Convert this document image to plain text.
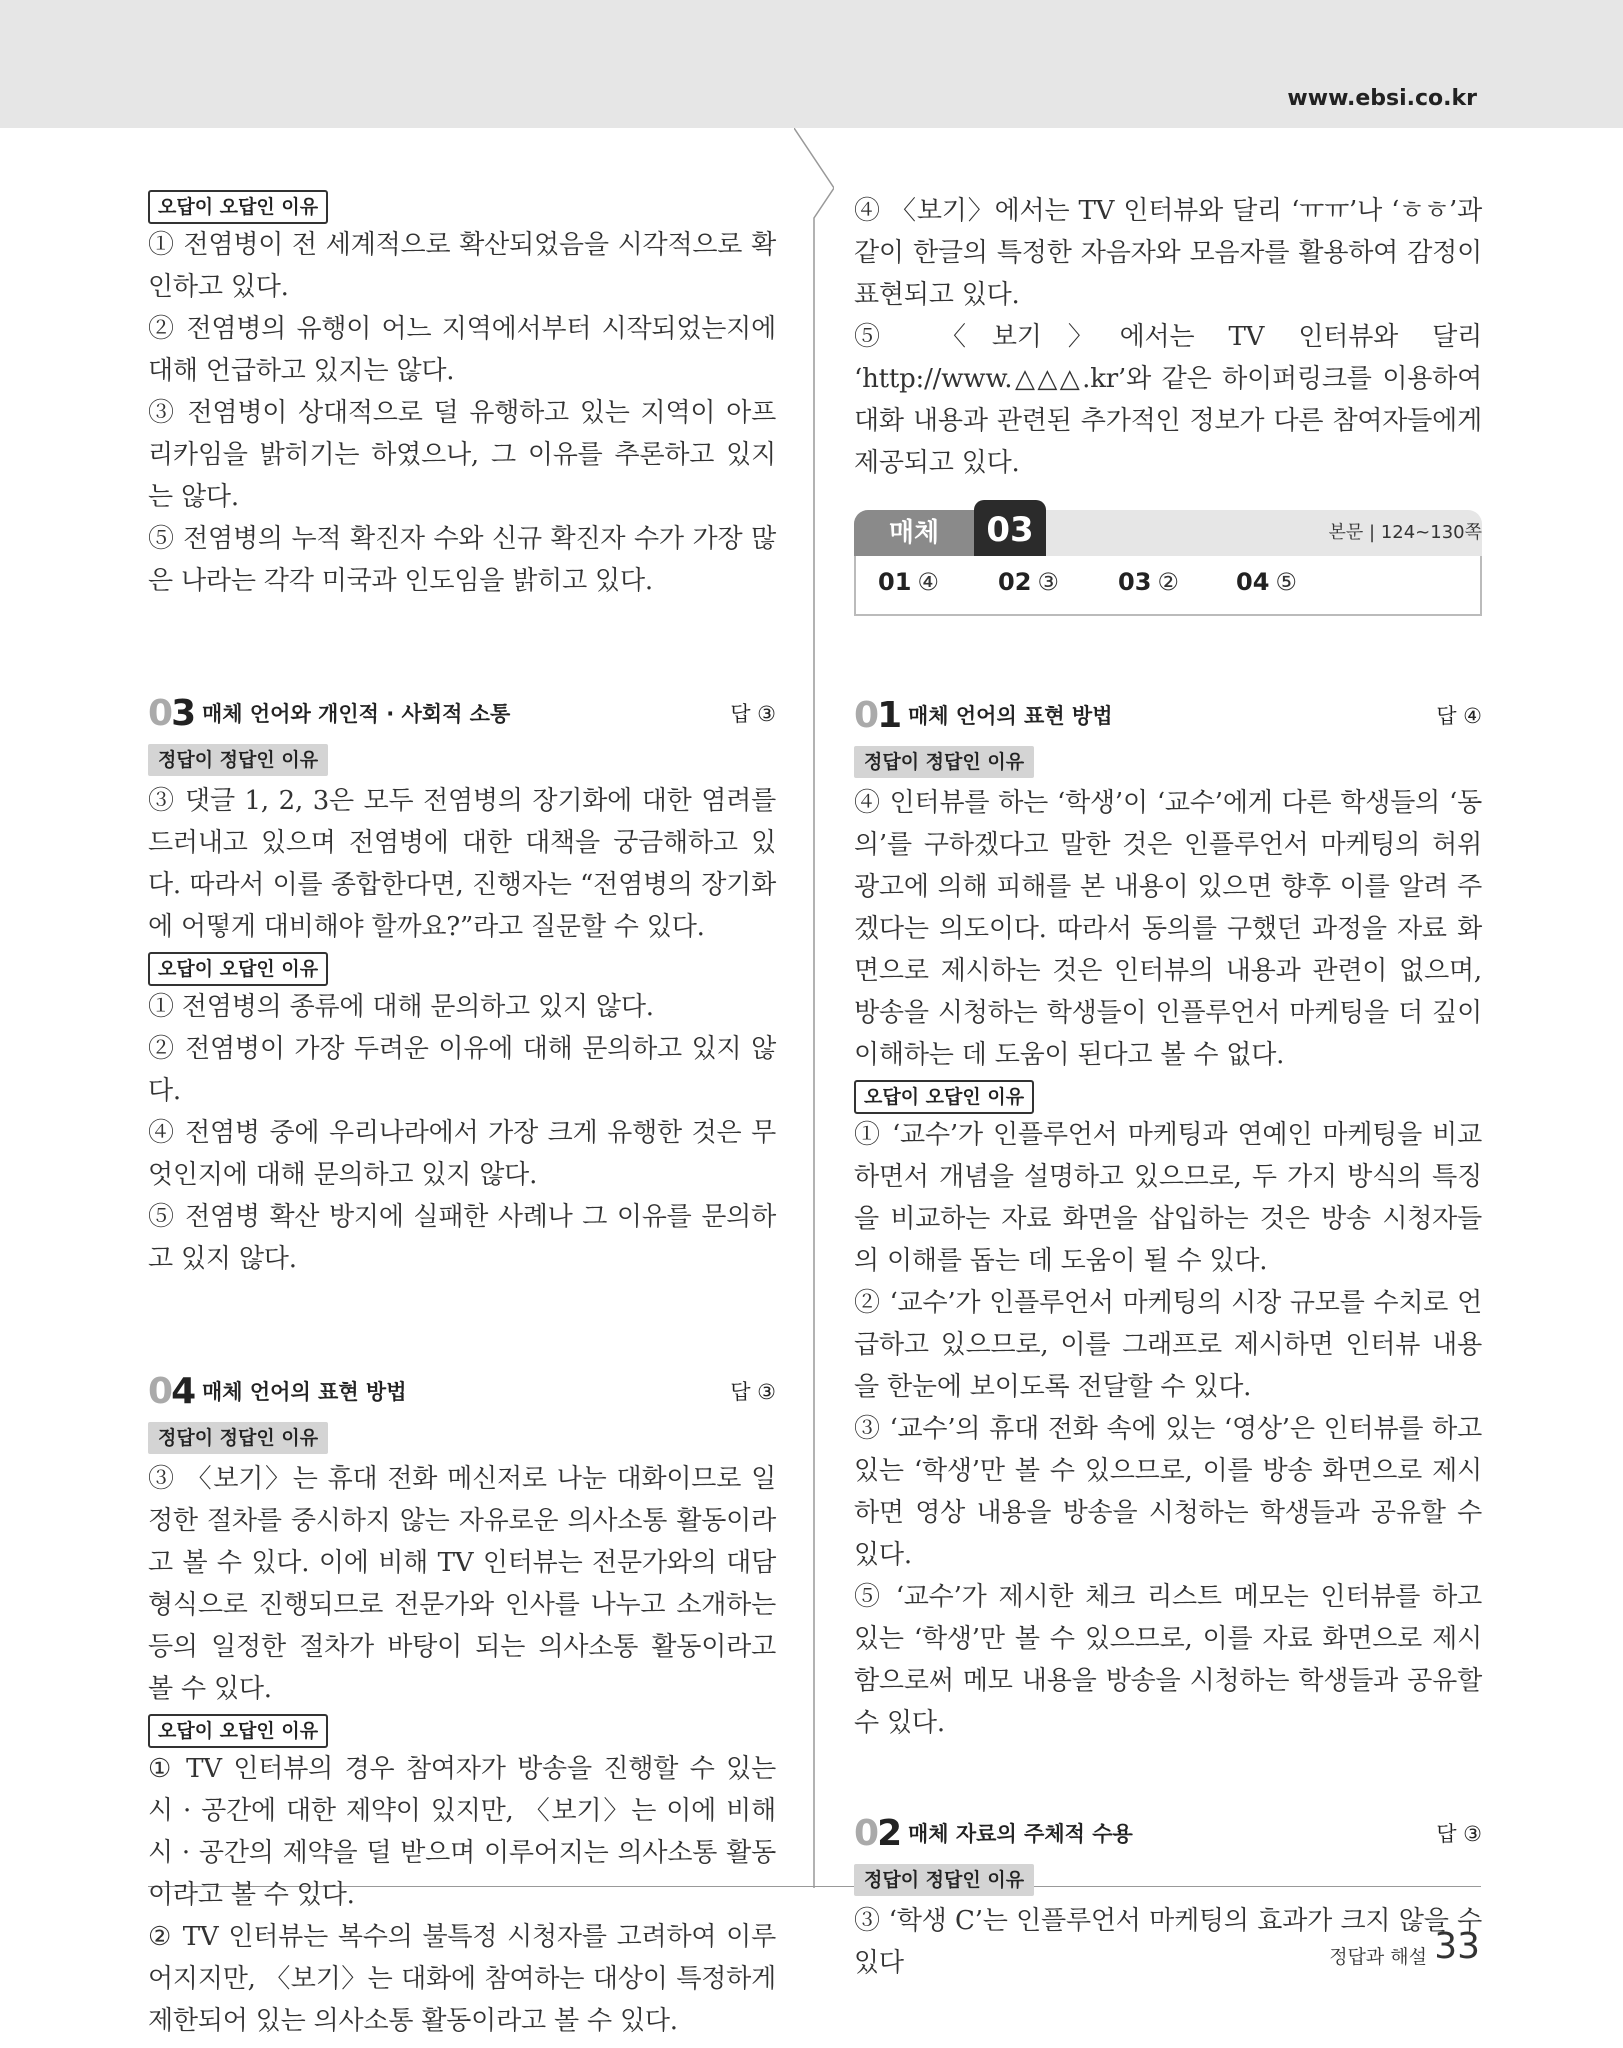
www.ebsi.co.kr
오답이 오답인 이유

① 전염병이 전 세계적으로 확산되었음을 시각적으로 확인하고 있다.

② 전염병의 유행이 어느 지역에서부터 시작되었는지에 대해 언급하고 있지는 않다.

③ 전염병이 상대적으로 덜 유행하고 있는 지역이 아프리카임을 밝히기는 하였으나, 그 이유를 추론하고 있지는 않다.

⑤ 전염병의 누적 확진자 수와 신규 확진자 수가 가장 많은 나라는 각각 미국과 인도임을 밝히고 있다.

03 매체 언어와 개인적 · 사회적 소통	답 ③
정답이 정답인 이유

③ 댓글 1, 2, 3은 모두 전염병의 장기화에 대한 염려를 드러내고 있으며 전염병에 대한 대책을 궁금해하고 있다. 따라서 이를 종합한다면, 진행자는 “전염병의 장기화에 어떻게 대비해야 할까요?”라고 질문할 수 있다.

오답이 오답인 이유

① 전염병의 종류에 대해 문의하고 있지 않다.

② 전염병이 가장 두려운 이유에 대해 문의하고 있지 않다.

④ 전염병 중에 우리나라에서 가장 크게 유행한 것은 무엇인지에 대해 문의하고 있지 않다.

⑤ 전염병 확산 방지에 실패한 사례나 그 이유를 문의하고 있지 않다.

04 매체 언어의 표현 방법	답 ③
정답이 정답인 이유

③ 〈보기〉는 휴대 전화 메신저로 나눈 대화이므로 일정한 절차를 중시하지 않는 자유로운 의사소통 활동이라고 볼 수 있다. 이에 비해 TV 인터뷰는 전문가와의 대담 형식으로 진행되므로 전문가와 인사를 나누고 소개하는 등의 일정한 절차가 바탕이 되는 의사소통 활동이라고 볼 수 있다.

오답이 오답인 이유

① TV 인터뷰의 경우 참여자가 방송을 진행할 수 있는 시 · 공간에 대한 제약이 있지만, 〈보기〉는 이에 비해 시 · 공간의 제약을 덜 받으며 이루어지는 의사소통 활동이라고 볼 수 있다.

② TV 인터뷰는 복수의 불특정 시청자를 고려하여 이루어지지만, 〈보기〉는 대화에 참여하는 대상이 특정하게 제한되어 있는 의사소통 활동이라고 볼 수 있다.

④ 〈보기〉에서는 TV 인터뷰와 달리 ‘ㅠㅠ’나 ‘ㅎㅎ’과 같이 한글의 특정한 자음자와 모음자를 활용하여 감정이 표현되고 있다.

⑤ 〈보기〉에서는 TV 인터뷰와 달리 ‘http://www.△△△.kr’와 같은 하이퍼링크를 이용하여 대화 내용과 관련된 추가적인 정보가 다른 참여자들에게 제공되고 있다.

매체	03	본문 | 124~130쪽
01 ④ 02 ③ 03 ② 04 ⑤
01 매체 언어의 표현 방법	답 ④
정답이 정답인 이유

④ 인터뷰를 하는 ‘학생’이 ‘교수’에게 다른 학생들의 ‘동의’를 구하겠다고 말한 것은 인플루언서 마케팅의 허위 광고에 의해 피해를 본 내용이 있으면 향후 이를 알려 주겠다는 의도이다. 따라서 동의를 구했던 과정을 자료 화면으로 제시하는 것은 인터뷰의 내용과 관련이 없으며, 방송을 시청하는 학생들이 인플루언서 마케팅을 더 깊이 이해하는 데 도움이 된다고 볼 수 없다.

오답이 오답인 이유

① ‘교수’가 인플루언서 마케팅과 연예인 마케팅을 비교하면서 개념을 설명하고 있으므로, 두 가지 방식의 특징을 비교하는 자료 화면을 삽입하는 것은 방송 시청자들의 이해를 돕는 데 도움이 될 수 있다.

② ‘교수’가 인플루언서 마케팅의 시장 규모를 수치로 언급하고 있으므로, 이를 그래프로 제시하면 인터뷰 내용을 한눈에 보이도록 전달할 수 있다.

③ ‘교수’의 휴대 전화 속에 있는 ‘영상’은 인터뷰를 하고 있는 ‘학생’만 볼 수 있으므로, 이를 방송 화면으로 제시하면 영상 내용을 방송을 시청하는 학생들과 공유할 수 있다.

⑤ ‘교수’가 제시한 체크 리스트 메모는 인터뷰를 하고 있는 ‘학생’만 볼 수 있으므로, 이를 자료 화면으로 제시함으로써 메모 내용을 방송을 시청하는 학생들과 공유할 수 있다.

02 매체 자료의 주체적 수용	답 ③
정답이 정답인 이유

③ ‘학생 C’는 인플루언서 마케팅의 효과가 크지 않을 수 있다	정답과 해설 33
